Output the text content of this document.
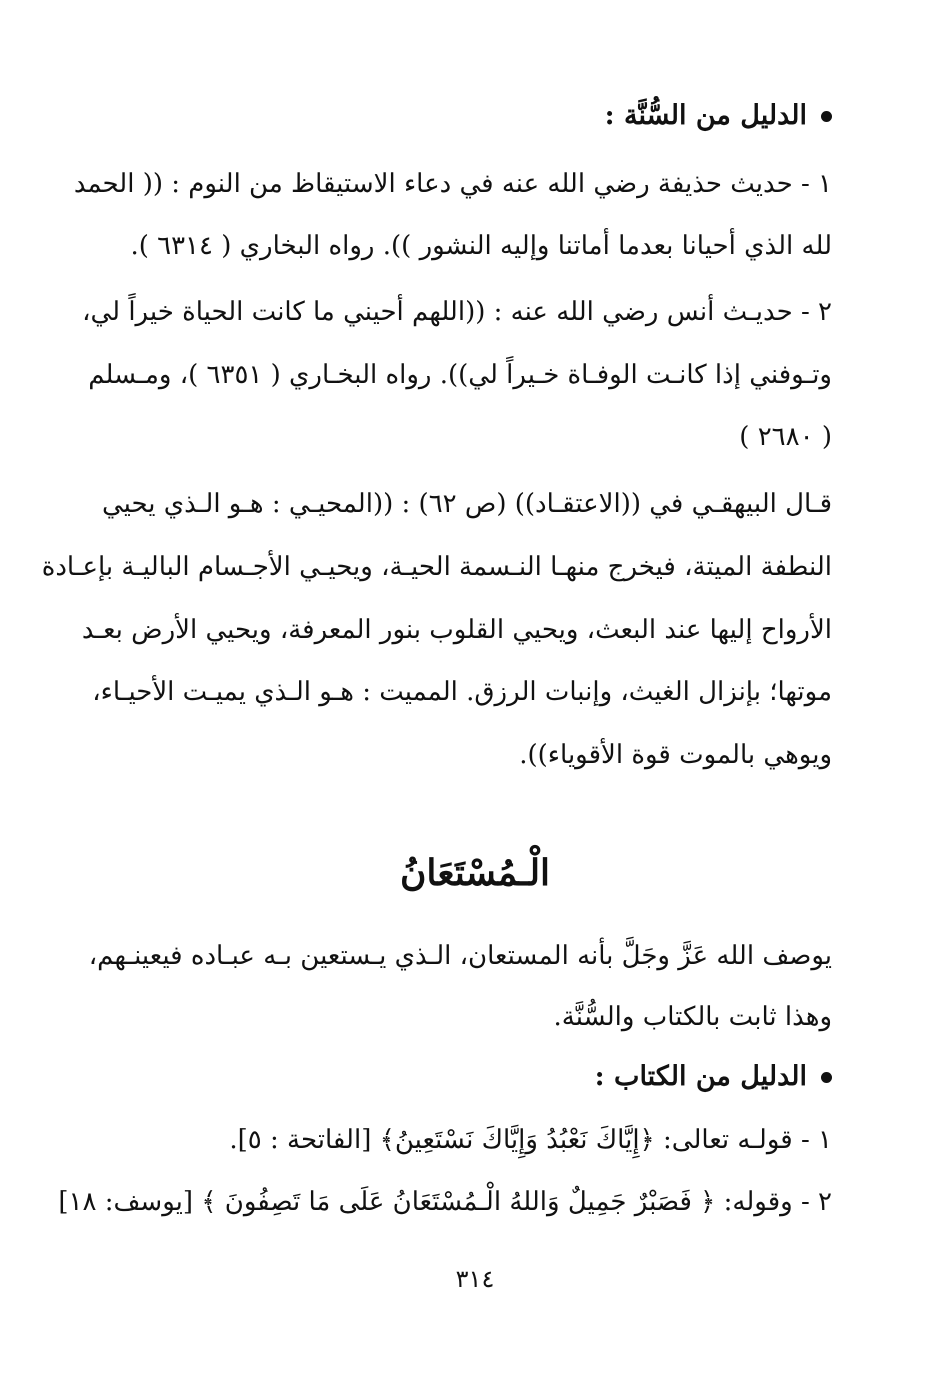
الدليل من السُّنَّة :
١ - حديث حذيفة رضي الله عنه في دعاء الاستيقاظ من النوم : (( الحمد
لله الذي أحيانا بعدما أماتنا وإليه النشور )). رواه البخاري ( ٦٣١٤ ).
٢ - حديـث أنس رضي الله عنه : ((اللهم أحيني ما كانت الحياة خيراً لي،
وتـوفني إذا كانـت الوفـاة خـيراً لي)). رواه البخـاري ( ٦٣٥١ )، ومـسلم
( ٢٦٨٠ )
قـال البيهقـي في ((الاعتقـاد)) (ص ٦٢) : ((المحيـي : هـو الـذي يحيي
النطفة الميتة، فيخرج منهـا النـسمة الحيـة، ويحيـي الأجـسام الباليـة بإعـادة
الأرواح إليها عند البعث، ويحيي القلوب بنور المعرفة، ويحيي الأرض بعـد
موتها؛ بإنزال الغيث، وإنبات الرزق. المميت : هـو الـذي يميـت الأحيـاء،
ويوهي بالموت قوة الأقوياء)).
الْـمُسْتَعَانُ
يوصف الله عَزَّ وجَلَّ بأنه المستعان، الـذي يـستعين بـه عبـاده فيعينـهم،
وهذا ثابت بالكتاب والسُّنَّة.
الدليل من الكتاب :
١ - قولـه تعالى: ﴿إِيَّاكَ نَعْبُدُ وَإِيَّاكَ نَسْتَعِينُ﴾ [الفاتحة : ٥].
٢ - وقوله: ﴿ فَصَبْرٌ جَمِيلٌ وَاللهُ الْـمُسْتَعَانُ عَلَى مَا تَصِفُونَ ﴾ [يوسف: ١٨]
٣١٤
